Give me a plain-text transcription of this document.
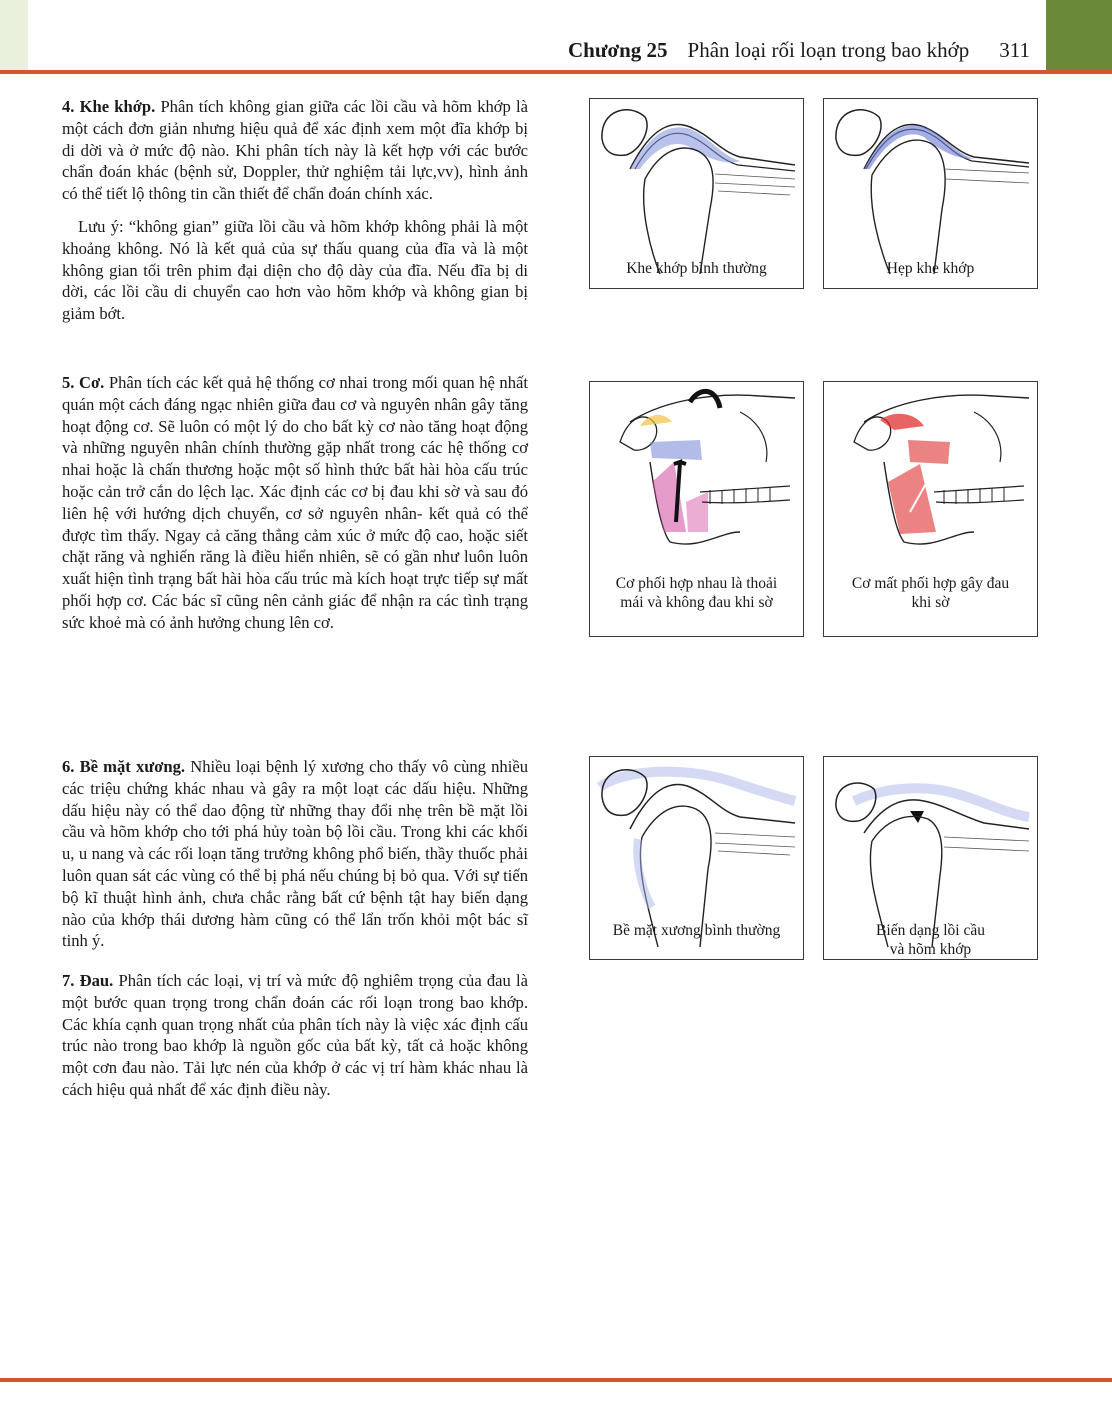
Chương 25 Phân loại rối loạn trong bao khớp 311

4. Khe khớp. Phân tích không gian giữa các lồi cầu và hõm khớp là một cách đơn giản nhưng hiệu quả để xác định xem một đĩa khớp bị di dời và ở mức độ nào. Khi phân tích này là kết hợp với các bước chẩn đoán khác (bệnh sử, Doppler, thử nghiệm tải lực,vv), hình ảnh có thể tiết lộ thông tin cần thiết để chẩn đoán chính xác.

Lưu ý: “không gian” giữa lồi cầu và hõm khớp không phải là một khoảng không. Nó là kết quả của sự thấu quang của đĩa và là một không gian tối trên phim đại diện cho độ dày của đĩa. Nếu đĩa bị di dời, các lồi cầu di chuyển cao hơn vào hõm khớp và không gian bị giảm bớt.

5. Cơ. Phân tích các kết quả hệ thống cơ nhai trong mối quan hệ nhất quán một cách đáng ngạc nhiên giữa đau cơ và nguyên nhân gây tăng hoạt động cơ. Sẽ luôn có một lý do cho bất kỳ cơ nào tăng hoạt động và những nguyên nhân chính thường gặp nhất trong các hệ thống cơ nhai hoặc là chấn thương hoặc một số hình thức bất hài hòa cấu trúc hoặc cản trở cắn do lệch lạc. Xác định các cơ bị đau khi sờ và sau đó liên hệ với hướng dịch chuyển, cơ sở nguyên nhân- kết quả có thể được tìm thấy. Ngay cả căng thẳng cảm xúc ở mức độ cao, hoặc siết chặt răng và nghiến răng là điều hiển nhiên, sẽ có gần như luôn luôn xuất hiện tình trạng bất hài hòa cấu trúc mà kích hoạt trực tiếp sự mất phối hợp cơ. Các bác sĩ cũng nên cảnh giác để nhận ra các tình trạng sức khoẻ mà có ảnh hưởng chung lên cơ.

6. Bề mặt xương. Nhiều loại bệnh lý xương cho thấy vô cùng nhiều các triệu chứng khác nhau và gây ra một loạt các dấu hiệu. Những dấu hiệu này có thể dao động từ những thay đổi nhẹ trên bề mặt lồi cầu và hõm khớp cho tới phá hủy toàn bộ lồi cầu. Trong khi các khối u, u nang và các rối loạn tăng trưởng không phổ biến, thầy thuốc phải luôn quan sát các vùng có thể bị phá nếu chúng bị bỏ qua. Với sự tiến bộ kĩ thuật hình ảnh, chưa chắc rằng bất cứ bệnh tật hay biến dạng nào của khớp thái dương hàm cũng có thể lẩn trốn khỏi một bác sĩ tinh ý.

7. Đau. Phân tích các loại, vị trí và mức độ nghiêm trọng của đau là một bước quan trọng trong chẩn đoán các rối loạn trong bao khớp. Các khía cạnh quan trọng nhất của phân tích này là việc xác định cấu trúc nào trong bao khớp là nguồn gốc của bất kỳ, tất cả hoặc không một cơn đau nào. Tải lực nén của khớp ở các vị trí hàm khác nhau là cách hiệu quả nhất để xác định điều này.

Khe khớp bình thường	Hẹp khe khớp
Cơ phối hợp nhau là thoải
mái và không đau khi sờ
Cơ mất phối hợp gây đau
khi sờ
Bề mặt xương bình thường	Biến dạng lồi cầu
và hõm khớp
